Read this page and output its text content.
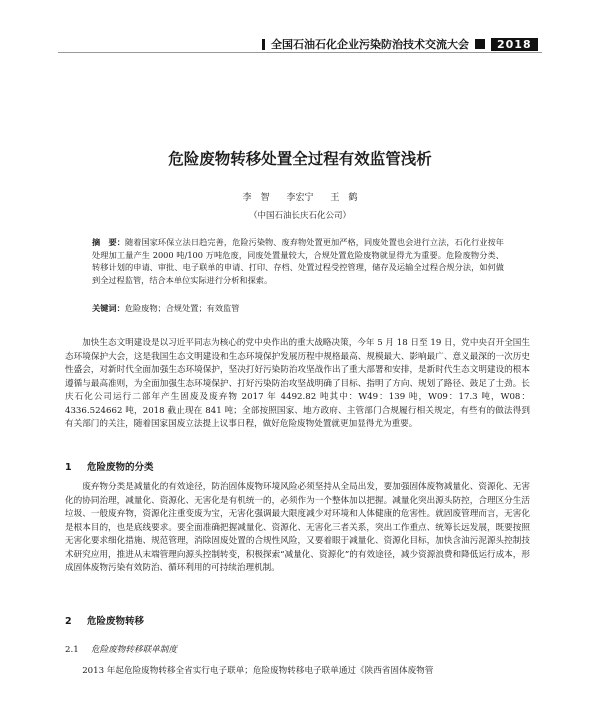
全国石油石化企业污染防治技术交流大会	2018
危险废物转移处置全过程有效监管浅析
李　智 李宏宁 王　鹤
（中国石油长庆石化公司）
摘　要：随着国家环保立法日趋完善，危险污染物、废弃物处置更加严格，同废处置也会进行立法，石化行业按年处理加工量产生 2000 吨/100 万吨危废，同废处置量较大，合规处置危险废物就显得尤为重要。危险废物分类、转移计划的申请、审批、电子联单的申请、打印、存档、处置过程受控管理，储存及运输全过程合规分法，如何做到全过程监管，结合本单位实际进行分析和探索。
关键词：危险废物；合规处置；有效监管
加快生态文明建设是以习近平同志为核心的党中央作出的重大战略决策，今年 5 月 18 日至 19 日，党中央召开全国生态环境保护大会，这是我国生态文明建设和生态环境保护发展历程中规格最高、规模最大、影响最广、意义最深的一次历史性盛会，对新时代全面加强生态环境保护，坚决打好污染防治攻坚战作出了重大部署和安排，是新时代生态文明建设的根本遵循与最高准则，为全面加强生态环境保护、打好污染防治攻坚战明确了目标、指明了方向、规划了路径、鼓足了士劲。长庆石化公司运行二部年产生固废及废弃物 2017 年 4492.82 吨其中：W49：139 吨，W09：17.3 吨，W08：4336.524662 吨，2018 截止现在 841 吨；全部按照国家、地方政府、主管部门合规履行相关规定，有些有的做法得到有关部门的关注，随着国家国废立法提上议事日程，做好危险废物处置就更加显得尤为重要。
1 危险废物的分类
废弃物分类是减量化的有效途径，防治固体废物环境风险必须坚持从全局出发，要加强固体废物减量化、资源化、无害化的协同治理，减量化、资源化、无害化是有机统一的，必须作为一个整体加以把握。减量化突出源头防控，合理区分生活垃圾、一般废弃物，资源化注重变废为宝，无害化强调最大限度减少对环境和人体健康的危害性。就固废管理而言，无害化是根本目的，也是底线要求。要全面准确把握减量化、资源化、无害化三者关系，突出工作重点、统筹长远发展，既要按照无害化要求细化措施、规范管理，消除固废处置的合规性风险，又要着眼于减量化、资源化目标，加快含油污泥源头控制技术研究应用，推进从末端管理向源头控制转变，积极探索“减量化、资源化”的有效途径，减少资源浪费和降低运行成本，形成固体废物污染有效防治、循环利用的可持续治理机制。
2 危险废物转移
2.1 危险废物转移联单制度
2013 年起危险废物转移全省实行电子联单；危险废物转移电子联单通过《陕西省固体废物管
